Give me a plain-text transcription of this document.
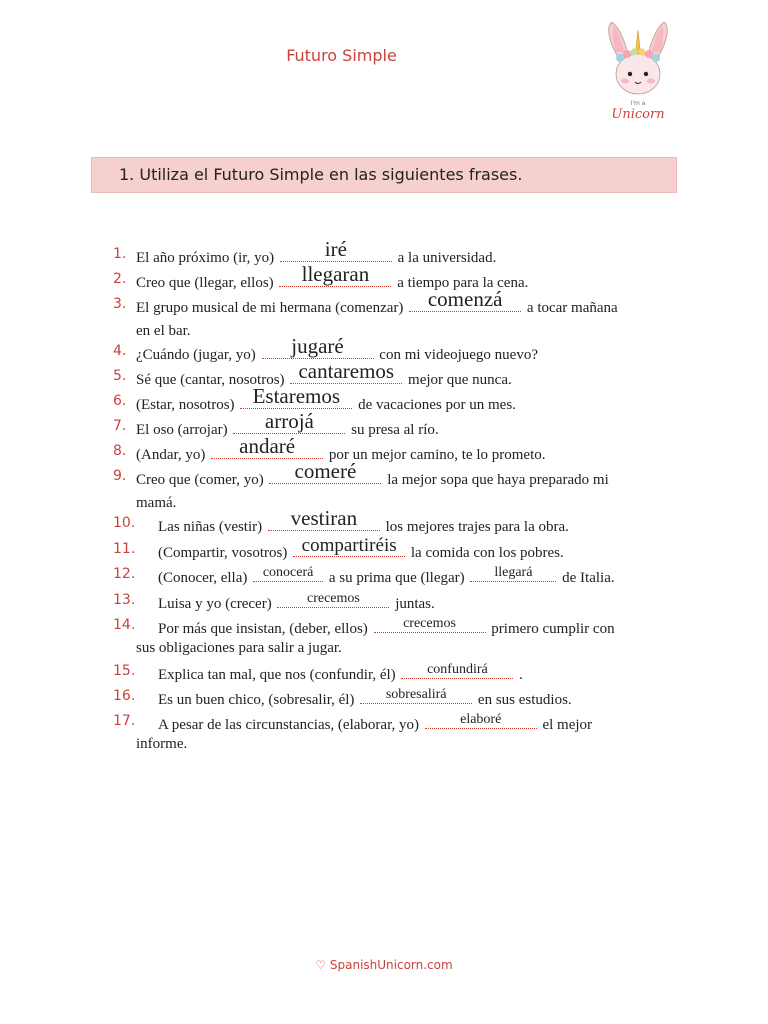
Futuro Simple
I'm a
Unicorn
1. Utiliza el Futuro Simple en las siguientes frases.
1. El año próximo (ir, yo)	iré	a la universidad.
2. Creo que (llegar, ellos)	llegaran	a tiempo para la cena.
3. El grupo musical de mi hermana (comenzar)	comenzá	a tocar mañana
en el bar.
4. ¿Cuándo (jugar, yo)	jugaré	con mi videojuego nuevo?
5. Sé que (cantar, nosotros) cantaremos mejor que nunca.
6. (Estar, nosotros) Estaremos	de vacaciones por un mes.
7. El oso (arrojar)	arrojá	su presa al río.
8. (Andar, yo)	andaré	por un mejor camino, te lo prometo.
9. Creo que (comer, yo)	comeré	la mejor sopa que haya preparado mi
mamá.
10.	Las niñas (vestir)	vestiran	los mejores trajes para la obra.
11.	(Compartir, vosotros) compartiréis la comida con los pobres.
12.	(Conocer, ella)	conocerá	a su prima que (llegar)	llegará	de Italia.
13.	Luisa y yo (crecer)	crecemos	juntas.
14.	Por más que insistan, (deber, ellos)	crecemos	primero cumplir con
sus obligaciones para salir a jugar.
15.	Explica tan mal, que nos (confundir, él)	confundirá	.
16.	Es un buen chico, (sobresalir, él)	sobresalirá	en sus estudios.
17.	A pesar de las circunstancias, (elaborar, yo)	elaboré	el mejor
informe.
♡ SpanishUnicorn.com
